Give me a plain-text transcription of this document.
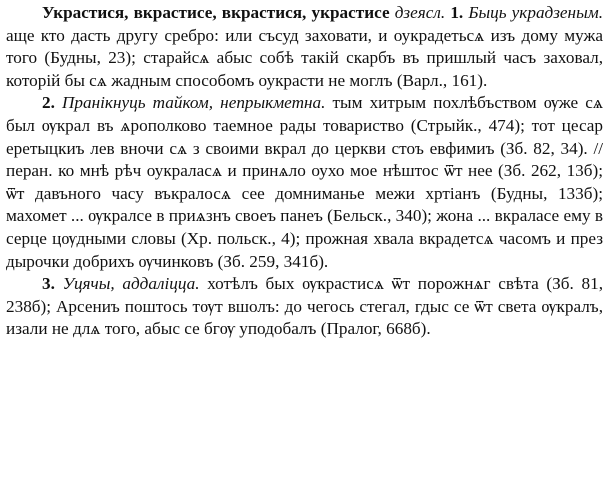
Украстися, вкрастисе, вкрастися, украстисе дзеясл. 1. Быць украдзеным. аще кто дасть другу сребро: или съсуд заховати, и оукрадетьсѧ изъ дому мужа того (Будны, 23); старайсѧ абыс собѣ такій скарбъ въ пришлый часъ заховал, которій бы сѧ жадным способомъ оукрасти не моглъ (Варл., 161).

2. Пранікнуць тайком, непрыкметна. тым хитрым похлѣбъством ѹже сѧ был ѹкрал въ ѧрополково таемное рады товариство (Стрыйк., 474); тот цесар еретыцкиъ лев вночи сѧ з своими вкрал до церкви стоъ евфимиъ (Зб. 82, 34). // перан. ко мнѣ рѣч оукраласѧ и принѧло оухо мое нѣштос ѿт нее (Зб. 262, 13б); ѿт давъного часу въкралосѧ сее домниманье межи хртіанъ (Будны, 133б); махомет ... ѹкралсе в приѧзнъ своеъ панеъ (Бельск., 340); жона ... вкраласе ему в серце цѹдными словы (Хр. польск., 4); прожная хвала вкрадетсѧ часомъ и през дырочки добрихъ ѹчинковъ (Зб. 259, 341б).

3. Уцячы, аддаліцца. хотѣлъ бых ѹкрастисѧ ѿт порожнѧг свѣта (Зб. 81, 238б); Арсениъ поштось тѹт вшолъ: до чегось стегал, гдыс се ѿт света ѹкралъ, изали не длѧ того, абыс се бгѹ уподобалъ (Пралог, 668б).
